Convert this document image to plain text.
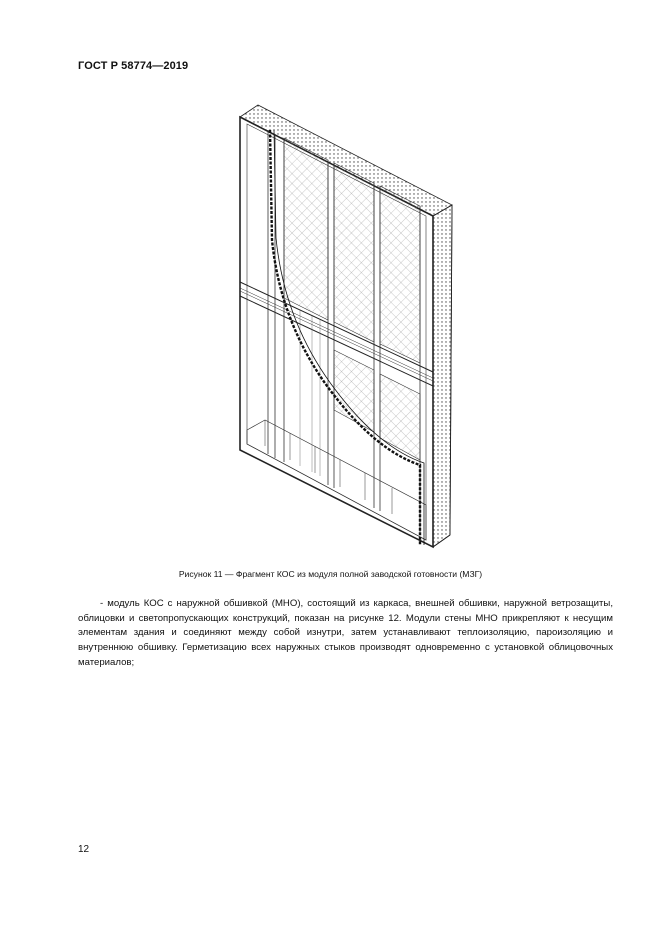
ГОСТ Р 58774—2019
Рисунок 11 — Фрагмент КОС из модуля полной заводской готовности (МЗГ)

- модуль КОС с наружной обшивкой (МНО), состоящий из каркаса, внешней обшивки, наружной ветрозащиты, облицовки и светопропускающих конструкций, показан на рисунке 12. Модули стены МНО прикрепляют к несущим элементам здания и соединяют между собой изнутри, затем устанавливают теплоизоляцию, пароизоляцию и внутреннюю обшивку. Герметизацию всех наружных стыков производят одновременно с установкой облицовочных материалов;

12
